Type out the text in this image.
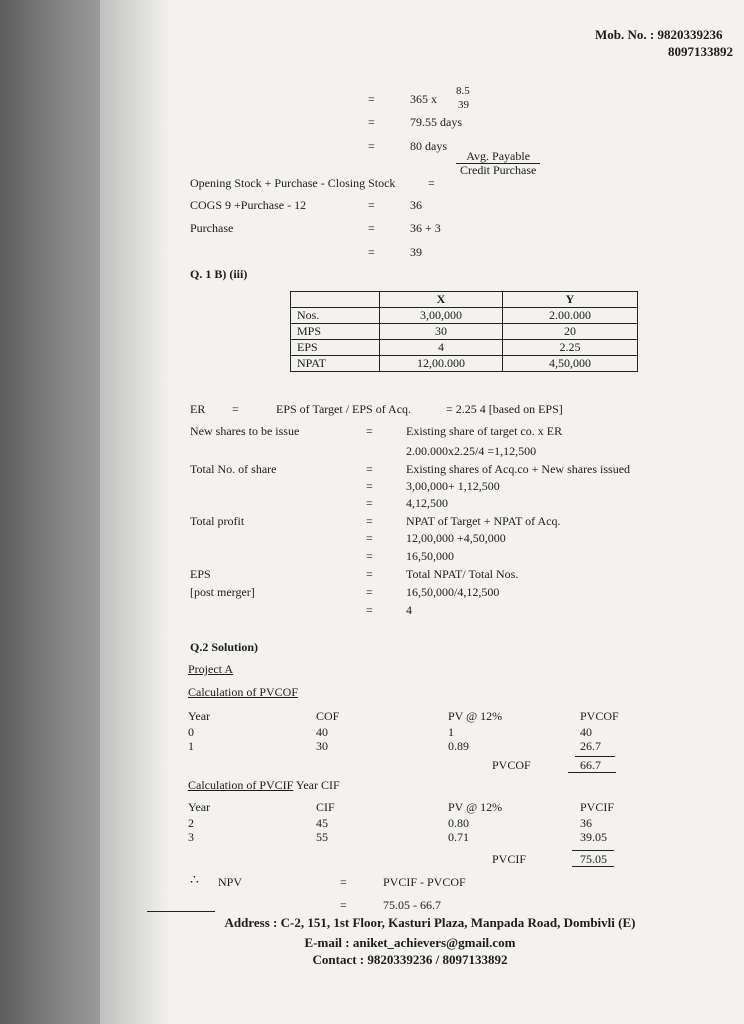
Mob. No. : 9820339236
8097133892
=	365 x
8.5
39
=	79.55 days
=	80 days
Avg. Payable
Credit Purchase
Opening Stock + Purchase - Closing Stock	=
COGS 9 +Purchase - 12	=	36
Purchase	=	36 + 3
=	39
Q. 1 B) (iii)
	X	Y
Nos.	3,00,000	2.00.000
MPS	30	20
EPS	4	2.25
NPAT	12,00.000	4,50,000
ER =	EPS of Target / EPS of Acq.	= 2.25 4 [based on EPS]
New shares to be issue	=	Existing share of target co. x ER
2.00.000x2.25/4 =1,12,500
Total No. of share	=	Existing shares of Acq.co + New shares issued
=	3,00,000+ 1,12,500
=	4,12,500
Total profit	=	NPAT of Target + NPAT of Acq.
=	12,00,000 +4,50,000
=	16,50,000
EPS	=	Total NPAT/ Total Nos.
[post merger]	=	16,50,000/4,12,500
=	4
Q.2 Solution)
Project A
Calculation of PVCOF
Year	COF	PV @ 12%	PVCOF
0	40	1	40
1	30	0.89	26.7
PVCOF	66.7
Calculation of PVCIF Year CIF
Year	CIF	PV @ 12%	PVCIF
2	45	0.80	36
3	55	0.71	39.05
PVCIF	75.05
∴ NPV	=	PVCIF - PVCOF
=	75.05 - 66.7
Address : C-2, 151, 1st Floor, Kasturi Plaza, Manpada Road, Dombivli (E)
E-mail : aniket_achievers@gmail.com
Contact : 9820339236 / 8097133892
